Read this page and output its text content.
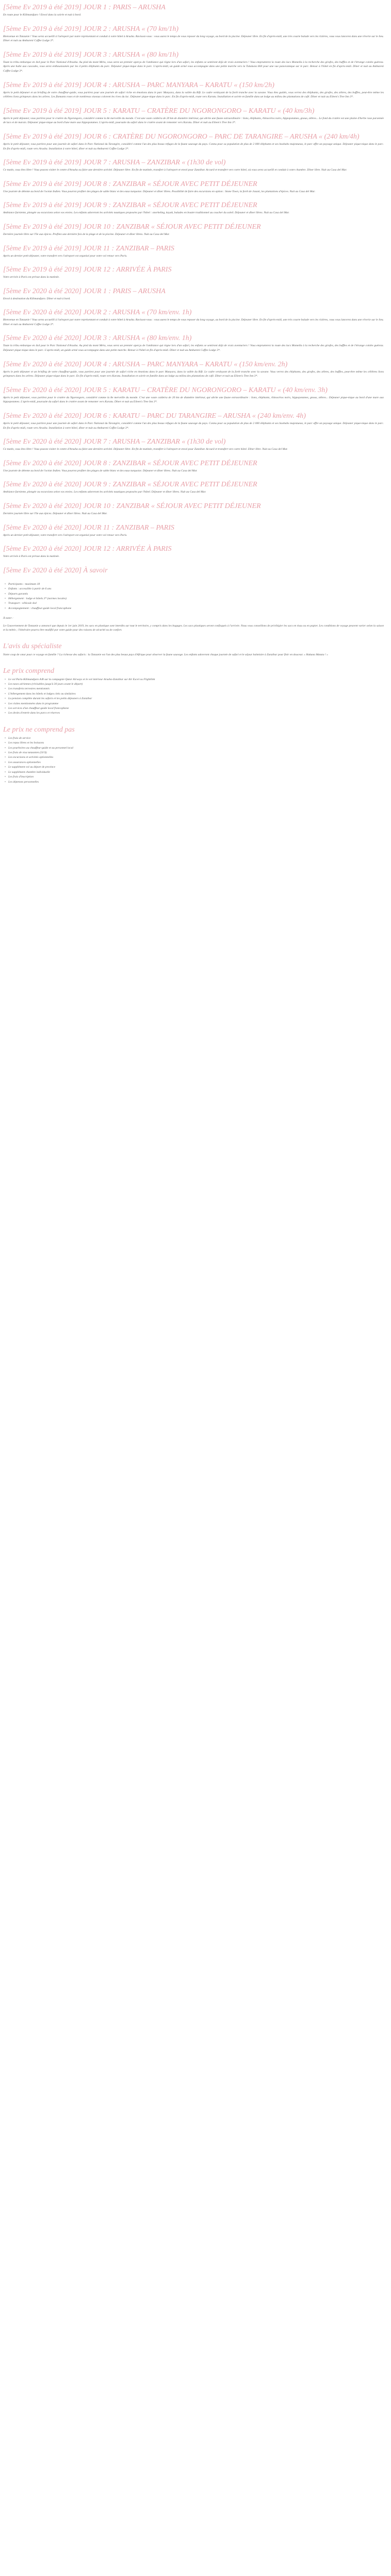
[5ème Ev 2019 à été 2019] JOUR 1 : PARIS – ARUSHA

En route pour le Kilimandjaro ! Envol dans la soirée et nuit à bord.

[5ème Ev 2019 à été 2019] JOUR 2 : ARUSHA « (70 km/1h)

Bienvenue en Tanzanie ! Vous serez accueilli à l'aéroport par notre représentant et conduit à votre hôtel à Arusha. Ravissez-vous : vous aurez le temps de vous reposer du long voyage, au bord de la piscine. Déjeuner libre. En fin d'après-midi, une très courte balade vers les rizières, vous vous lancerez dans une rêverie sur le lieu. Dîner et nuit au Ambureni Coffee Lodge 3*.

[5ème Ev 2019 à été 2019] JOUR 3 : ARUSHA « (80 km/1h)

Toute la tribu embarque en 4x4 pour le Parc National d'Arusha. Au pied du mont Méru, vous serez un premier aperçu de l'ambiance qui règne lors d'un safari, les enfants se sentiront déjà de vrais aventuriers ! Vous emprunterez la route des lacs Momella à la recherche des girafes, des buffles et de l'étrange colobe guéreza. Après une halte aux cascades, vous serez enthousiasmés par les 4 petits éléphants du parc. Déjeuner pique-nique dans le parc. L'après-midi, un guide armé vous accompagne dans une petite marche vers la Tululusia Hill pour une vue panoramique sur le parc. Retour à l'hôtel en fin d'après-midi. Dîner et nuit au Ambureni Coffee Lodge 3*.

[5ème Ev 2019 à été 2019] JOUR 4 : ARUSHA – PARC MANYARA – KARATU « (150 km/2h)

Après le petit déjeuner et un briefing de votre chauffeur-guide, vous partirez pour une journée de safari riche en émotions dans le parc Manyara, dans la vallée du Rift. Le cadre verdoyant de la forêt tranche avec la savane. Vous êtes guidés, vous verrez des éléphants, des girafes, des zèbres, des buffles, peut-être même les célèbres lions grimpeurs dans les arbres. Les flamants roses et de nombreux oiseaux colorent les rives du lac. Déjeuner pique-nique dans le parc. En fin d'après-midi, route vers Karatu. Installation et soirée en famille dans un lodge au milieu des plantations de café. Dîner et nuit au Eileen's Tree Inn 3*.

[5ème Ev 2019 à été 2019] JOUR 5 : KARATU – CRATÈRE DU NGORONGORO – KARATU « (40 km/3h)

Après le petit déjeuner, vous partirez pour le cratère du Ngorongoro, considéré comme la 8e merveille du monde. C'est une vaste caldeira de 20 km de diamètre intérieur, qui abrite une faune extraordinaire : lions, éléphants, rhinocéros noirs, hippopotames, gnous, zèbres... Le fond du cratère est une plaine d'herbe rase parsemée de lacs et de marais. Déjeuner pique-nique au bord d'une mare aux hippopotames. L'après-midi, poursuite du safari dans le cratère avant de remonter vers Karatu. Dîner et nuit au Eileen's Tree Inn 3*.

[5ème Ev 2019 à été 2019] JOUR 6 : CRATÈRE DU NGORONGORO – PARC DE TARANGIRE – ARUSHA « (240 km/4h)

Après le petit déjeuner, vous partirez pour une journée de safari dans le Parc National du Tarangire, considéré comme l'un des plus beaux refuges de la faune sauvage du pays. Connu pour sa population de plus de 2 000 éléphants et ses baobabs majestueux, le parc offre un paysage unique. Déjeuner pique-nique dans le parc. En fin d'après-midi, route vers Arusha. Installation à votre hôtel, dîner et nuit au Ambureni Coffee Lodge 3*.

[5ème Ev 2019 à été 2019] JOUR 7 : ARUSHA – ZANZIBAR « (1h30 de vol)

Ce matin, vous êtes libre ! Vous pouvez visiter le centre d'Arusha ou faire une dernière activité. Déjeuner libre. En fin de matinée, transfert à l'aéroport et envol pour Zanzibar. Accueil et transfert vers votre hôtel, où vous serez accueilli et conduit à votre chambre. Dîner libre. Nuit au Casa del Mar.

[5ème Ev 2019 à été 2019] JOUR 8 : ZANZIBAR « SÉJOUR AVEC PETIT DÉJEUNER

Une journée de détente au bord de l'océan Indien. Vous pourrez profiter des plages de sable blanc et des eaux turquoise. Déjeuner et dîner libres. Possibilité de faire des excursions en option : Stone Town, la forêt de Jozani, les plantations d'épices. Nuit au Casa del Mar.

[5ème Ev 2019 à été 2019] JOUR 9 : ZANZIBAR « SÉJOUR AVEC PETIT DÉJEUNER

Ambiance farniente, plongée ou excursions selon vos envies. Les enfants adoreront les activités nautiques proposées par l'hôtel : snorkeling, kayak, balades en boutre traditionnel au coucher du soleil. Déjeuner et dîner libres. Nuit au Casa del Mar.

[5ème Ev 2019 à été 2019] JOUR 10 : ZANZIBAR « SÉJOUR AVEC PETIT DÉJEUNER

Dernière journée libre sur l'île aux épices. Profitez une dernière fois de la plage et de la piscine. Déjeuner et dîner libres. Nuit au Casa del Mar.

[5ème Ev 2019 à été 2019] JOUR 11 : ZANZIBAR – PARIS

Après un dernier petit déjeuner, votre transfert vers l'aéroport est organisé pour votre vol retour vers Paris.

[5ème Ev 2019 à été 2019] JOUR 12 : ARRIVÉE À PARIS

Votre arrivée à Paris est prévue dans la matinée.

[5ème Ev 2020 à été 2020] JOUR 1 : PARIS – ARUSHA

Envol à destination du Kilimandjaro. Dîner et nuit à bord.

[5ème Ev 2020 à été 2020] JOUR 2 : ARUSHA « (70 km/env. 1h)

Bienvenue en Tanzanie ! Vous serez accueilli à l'aéroport par notre représentant et conduit à votre hôtel à Arusha. Ravissez-vous : vous aurez le temps de vous reposer du long voyage, au bord de la piscine. Déjeuner libre. En fin d'après-midi, une très courte balade vers les rizières, vous vous lancerez dans une rêverie sur le lieu. Dîner et nuit au Ambureni Coffee Lodge 3*.

[5ème Ev 2020 à été 2020] JOUR 3 : ARUSHA « (80 km/env. 1h)

Toute la tribu embarque en 4x4 pour le Parc National d'Arusha. Au pied du mont Méru, vous serez un premier aperçu de l'ambiance qui règne lors d'un safari, les enfants se sentiront déjà de vrais aventuriers ! Vous emprunterez la route des lacs Momella à la recherche des girafes, des buffles et de l'étrange colobe guéreza. Déjeuner pique-nique dans le parc. L'après-midi, un guide armé vous accompagne dans une petite marche. Retour à l'hôtel en fin d'après-midi. Dîner et nuit au Ambureni Coffee Lodge 3*.

[5ème Ev 2020 à été 2020] JOUR 4 : ARUSHA – PARC MANYARA – KARATU « (150 km/env. 2h)

Après le petit déjeuner et un briefing de votre chauffeur-guide, vous partirez pour une journée de safari riche en émotions dans le parc Manyara, dans la vallée du Rift. Le cadre verdoyant de la forêt tranche avec la savane. Vous verrez des éléphants, des girafes, des zèbres, des buffles, peut-être même les célèbres lions grimpeurs dans les arbres. Déjeuner pique-nique dans le parc. En fin d'après-midi, route vers Karatu. Installation et soirée en famille dans un lodge au milieu des plantations de café. Dîner et nuit au Eileen's Tree Inn 3*.

[5ème Ev 2020 à été 2020] JOUR 5 : KARATU – CRATÈRE DU NGORONGORO – KARATU « (40 km/env. 3h)

Après le petit déjeuner, vous partirez pour le cratère du Ngorongoro, considéré comme la 8e merveille du monde. C'est une vaste caldeira de 20 km de diamètre intérieur, qui abrite une faune extraordinaire : lions, éléphants, rhinocéros noirs, hippopotames, gnous, zèbres... Déjeuner pique-nique au bord d'une mare aux hippopotames. L'après-midi, poursuite du safari dans le cratère avant de remonter vers Karatu. Dîner et nuit au Eileen's Tree Inn 3*.

[5ème Ev 2020 à été 2020] JOUR 6 : KARATU – PARC DU TARANGIRE – ARUSHA « (240 km/env. 4h)

Après le petit déjeuner, vous partirez pour une journée de safari dans le Parc National du Tarangire, considéré comme l'un des plus beaux refuges de la faune sauvage du pays. Connu pour sa population de plus de 2 000 éléphants et ses baobabs majestueux, le parc offre un paysage unique. Déjeuner pique-nique dans le parc. En fin d'après-midi, route vers Arusha. Installation à votre hôtel, dîner et nuit au Ambureni Coffee Lodge 3*.

[5ème Ev 2020 à été 2020] JOUR 7 : ARUSHA – ZANZIBAR « (1h30 de vol)

Ce matin, vous êtes libre ! Vous pouvez visiter le centre d'Arusha ou faire une dernière activité. Déjeuner libre. En fin de matinée, transfert à l'aéroport et envol pour Zanzibar. Accueil et transfert vers votre hôtel. Dîner libre. Nuit au Casa del Mar.

[5ème Ev 2020 à été 2020] JOUR 8 : ZANZIBAR « SÉJOUR AVEC PETIT DÉJEUNER

Une journée de détente au bord de l'océan Indien. Vous pourrez profiter des plages de sable blanc et des eaux turquoise. Déjeuner et dîner libres. Nuit au Casa del Mar.

[5ème Ev 2020 à été 2020] JOUR 9 : ZANZIBAR « SÉJOUR AVEC PETIT DÉJEUNER

Ambiance farniente, plongée ou excursions selon vos envies. Les enfants adoreront les activités nautiques proposées par l'hôtel. Déjeuner et dîner libres. Nuit au Casa del Mar.

[5ème Ev 2020 à été 2020] JOUR 10 : ZANZIBAR « SÉJOUR AVEC PETIT DÉJEUNER

Dernière journée libre sur l'île aux épices. Déjeuner et dîner libres. Nuit au Casa del Mar.

[5ème Ev 2020 à été 2020] JOUR 11 : ZANZIBAR – PARIS

Après un dernier petit déjeuner, votre transfert vers l'aéroport est organisé pour votre vol retour vers Paris.

[5ème Ev 2020 à été 2020] JOUR 12 : ARRIVÉE À PARIS

Votre arrivée à Paris est prévue dans la matinée.

[5ème Ev 2020 à été 2020] À savoir

• Participants : maximum 18
• Enfants : accessible à partir de 6 ans
• Départs garantis
• Hébergement : lodge et hôtels 3* (normes locales)
• Transport : véhicule 4x4
• Accompagnement : chauffeur-guide local francophone

À noter :

Le Gouvernement de Tanzanie a annoncé que depuis le 1er juin 2019, les sacs en plastique sont interdits sur tout le territoire, y compris dans les bagages. Les sacs plastiques seront confisqués à l'arrivée. Nous vous conseillons de privilégier les sacs en tissu ou en papier. Les conditions de voyage peuvent varier selon la saison et la météo ; l'itinéraire pourra être modifié par votre guide pour des raisons de sécurité ou de confort.

L'avis du spécialiste

Notre coup de cœur pour ce voyage en famille ? La richesse des safaris : la Tanzanie est l'un des plus beaux pays d'Afrique pour observer la faune sauvage. Les enfants adoreront chaque journée de safari et le séjour balnéaire à Zanzibar pour finir en douceur. « Hakuna Matata ! »

Le prix comprend
• Le vol Paris-Kilimandjaro A/R sur la compagnie Qatar Airways et le vol intérieur Arusha-Zanzibar sur Air Excel ou Flightlink
• Les taxes aériennes (révisables jusqu'à 30 jours avant le départ)
• Les transferts terrestres mentionnés
• L'hébergement dans les hôtels et lodges cités ou similaires
• La pension complète durant les safaris et les petits déjeuners à Zanzibar
• Les visites mentionnées dans le programme
• Les services d'un chauffeur-guide local francophone
• Les droits d'entrée dans les parcs et réserves
Le prix ne comprend pas
• Les frais de service
• Les repas libres et les boissons
• Les pourboires au chauffeur-guide et au personnel local
• Les frais de visa tanzanien (50 $)
• Les excursions et activités optionnelles
• Les assurances optionnelles
• Le supplément vol au départ de province
• Le supplément chambre individuelle
• Les frais d'inscription
• Les dépenses personnelles
